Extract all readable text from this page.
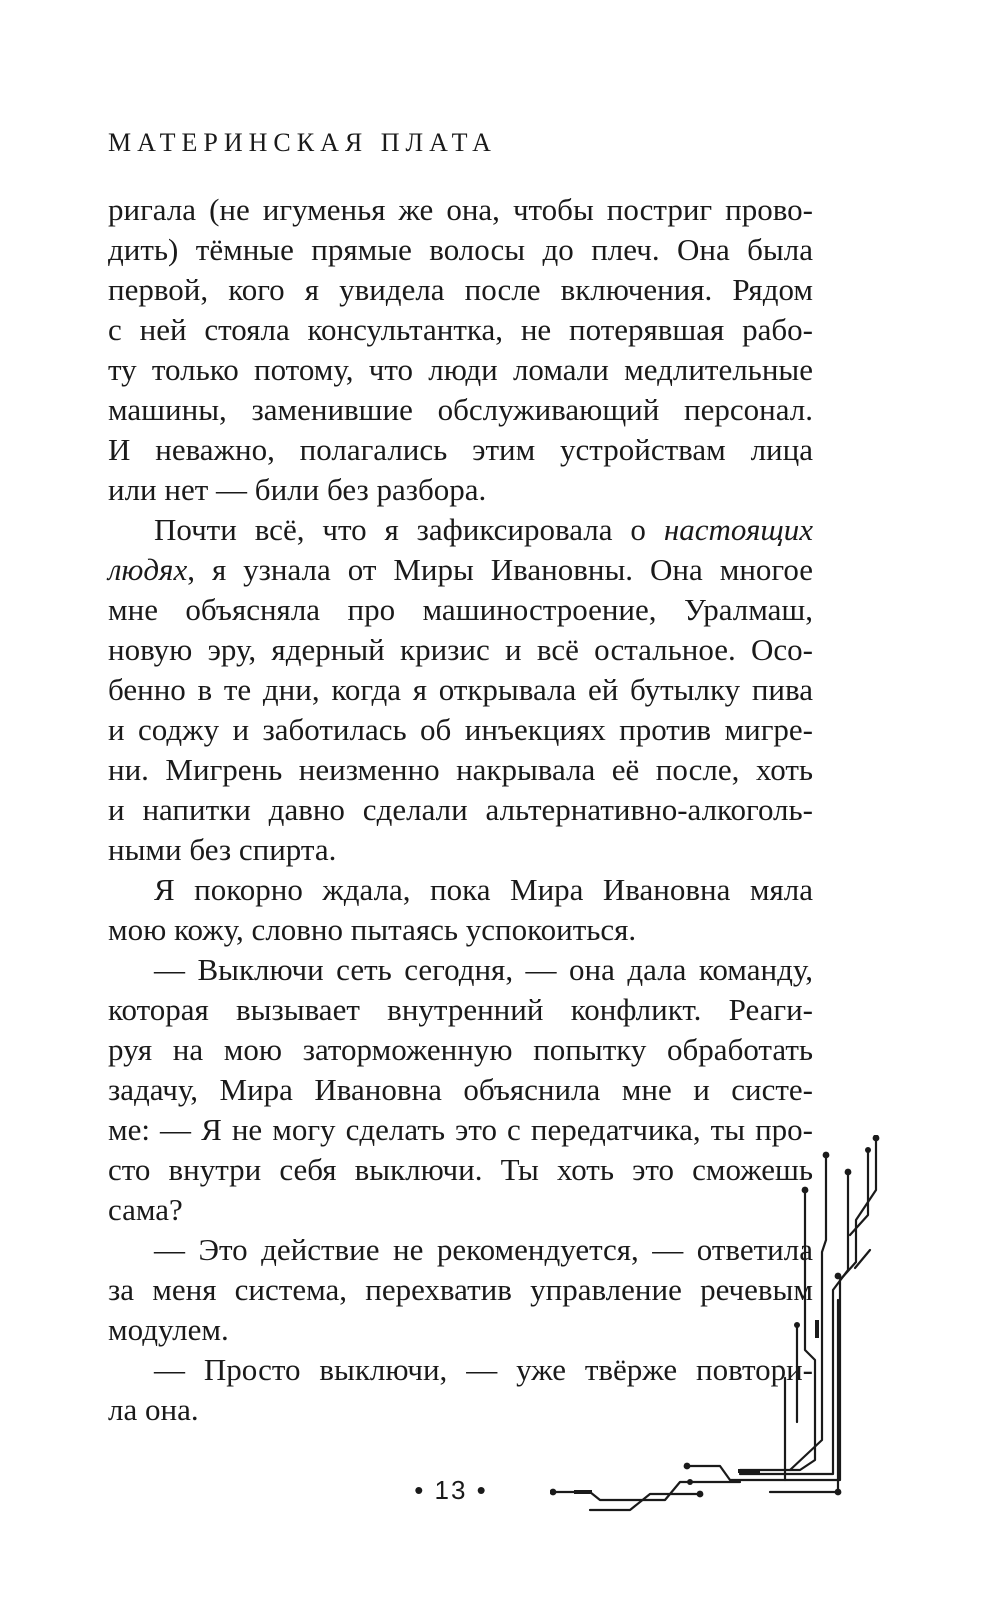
МАТЕРИНСКАЯ ПЛАТА
ригала (не игуменья же она, чтобы постриг прово-
дить) тёмные прямые волосы до плеч. Она была
первой, кого я увидела после включения. Рядом
с ней стояла консультантка, не потерявшая рабо-
ту только потому, что люди ломали медлительные
машины, заменившие обслуживающий персонал.
И неважно, полагались этим устройствам лица
или нет — били без разбора.
Почти всё, что я зафиксировала о настоящих
людях, я узнала от Миры Ивановны. Она многое
мне объясняла про машиностроение, Уралмаш,
новую эру, ядерный кризис и всё остальное. Осо-
бенно в те дни, когда я открывала ей бутылку пива
и соджу и заботилась об инъекциях против мигре-
ни. Мигрень неизменно накрывала её после, хоть
и напитки давно сделали альтернативно-алкоголь-
ными без спирта.
Я покорно ждала, пока Мира Ивановна мяла
мою кожу, словно пытаясь успокоиться.
— Выключи сеть сегодня, — она дала команду,
которая вызывает внутренний конфликт. Реаги-
руя на мою заторможенную попытку обработать
задачу, Мира Ивановна объяснила мне и систе-
ме: — Я не могу сделать это с передатчика, ты про-
сто внутри себя выключи. Ты хоть это сможешь
сама?
— Это действие не рекомендуется, — ответила
за меня система, перехватив управление речевым
модулем.
— Просто выключи, — уже твёрже повтори-
ла она.
• 13 •
